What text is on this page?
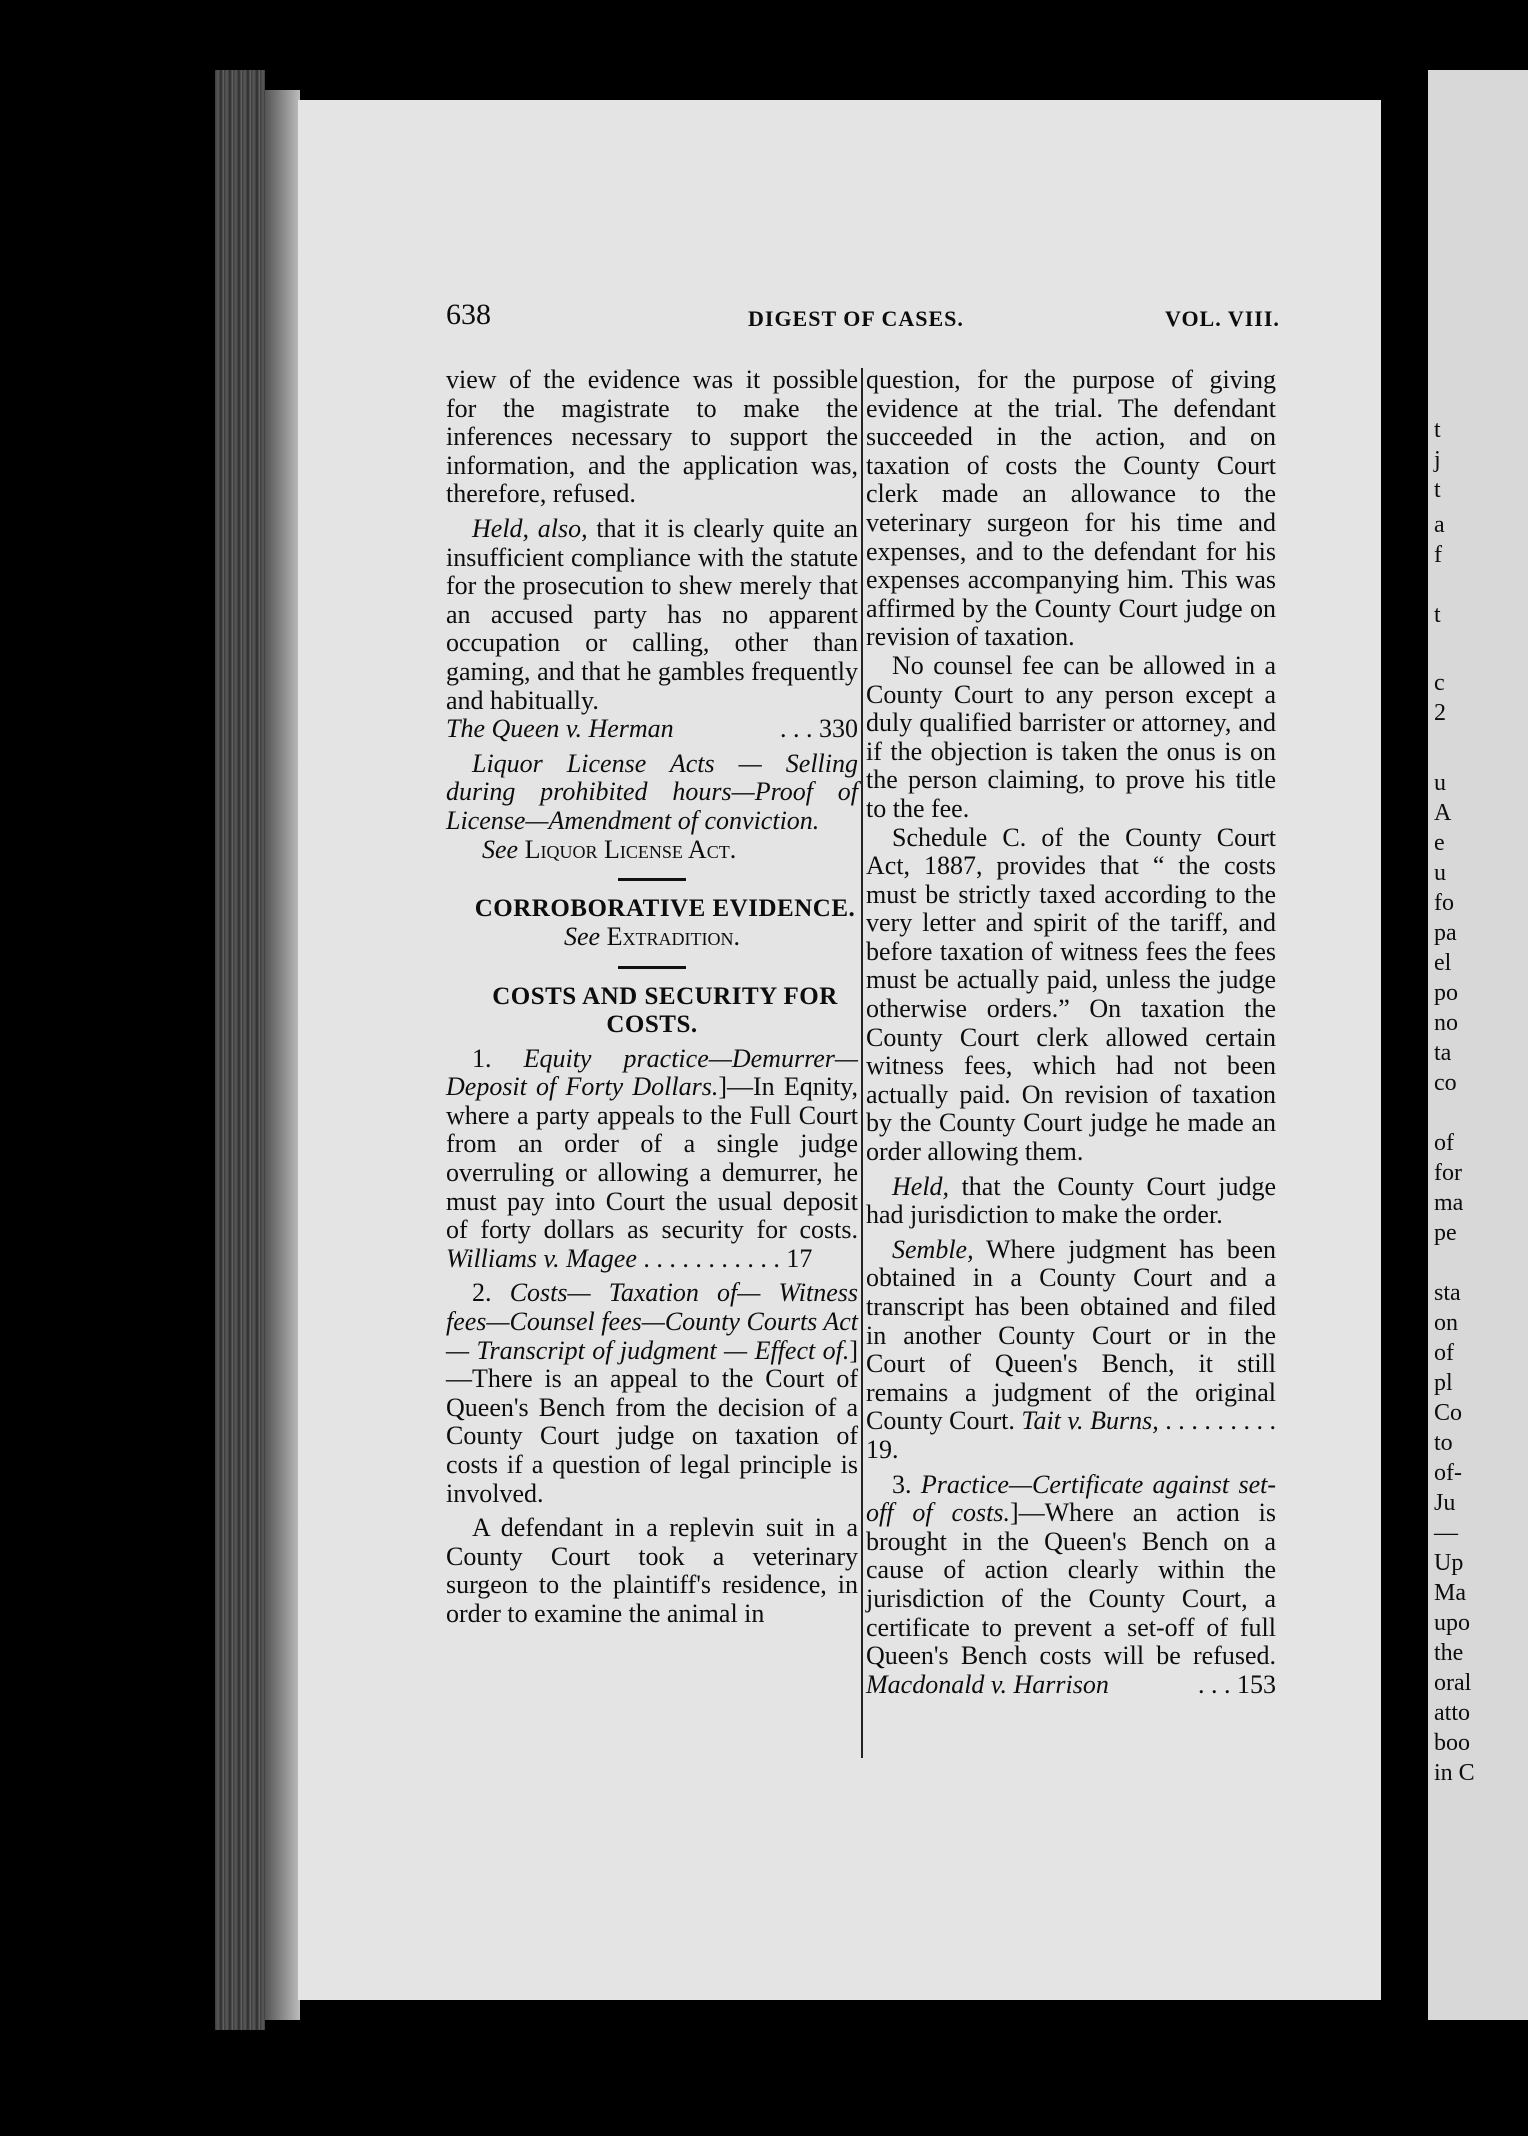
t
j
t
a
f
t
c
2
u
A
e
u
fo
pa
el
po
no
ta
co
of
for
ma
pe
sta
on
of
pl
Co
to
of-
Ju
—
Up
Ma
upo
the
oral
atto
boo
in C
638	DIGEST OF CASES.	VOL. VIII.

view of the evidence was it possible for the magistrate to make the inferences necessary to support the information, and the application was, therefore, refused.

Held, also, that it is clearly quite an insufficient compliance with the statute for the prosecution to shew merely that an accused party has no apparent occupation or calling, other than gaming, and that he gambles frequently and habitually.
The Queen v. Herman	. . . 330

Liquor License Acts — Selling during prohibited hours—Proof of License—Amendment of conviction.

See Liquor License Act.

CORROBORATIVE EVIDENCE.

See Extradition.

COSTS AND SECURITY FOR COSTS.

1. Equity practice—Demurrer—Deposit of Forty Dollars.]—In Eqnity, where a party appeals to the Full Court from an order of a single judge overruling or allowing a demurrer, he must pay into Court the usual deposit of forty dollars as security for costs. Williams v. Magee . . . . . . . . . . . 17

2. Costs— Taxation of— Witness fees—Counsel fees—County Courts Act — Transcript of judgment — Effect of.]—There is an appeal to the Court of Queen's Bench from the decision of a County Court judge on taxation of costs if a question of legal principle is involved.

A defendant in a replevin suit in a County Court took a veterinary surgeon to the plaintiff's residence, in order to examine the animal in

question, for the purpose of giving evidence at the trial. The defendant succeeded in the action, and on taxation of costs the County Court clerk made an allowance to the veterinary surgeon for his time and expenses, and to the defendant for his expenses accompanying him. This was affirmed by the County Court judge on revision of taxation.

No counsel fee can be allowed in a County Court to any person except a duly qualified barrister or attorney, and if the objection is taken the onus is on the person claiming, to prove his title to the fee.

Schedule C. of the County Court Act, 1887, provides that “ the costs must be strictly taxed according to the very letter and spirit of the tariff, and before taxation of witness fees the fees must be actually paid, unless the judge otherwise orders.” On taxation the County Court clerk allowed certain witness fees, which had not been actually paid. On revision of taxation by the County Court judge he made an order allowing them.

Held, that the County Court judge had jurisdiction to make the order.

Semble, Where judgment has been obtained in a County Court and a transcript has been obtained and filed in another County Court or in the Court of Queen's Bench, it still remains a judgment of the original County Court. Tait v. Burns, . . . . . . . . . 19.

3. Practice—Certificate against set-off of costs.]—Where an action is brought in the Queen's Bench on a cause of action clearly within the jurisdiction of the County Court, a certificate to prevent a set-off of full Queen's Bench costs will be refused. Macdonald v. Harrison	. . . 153
